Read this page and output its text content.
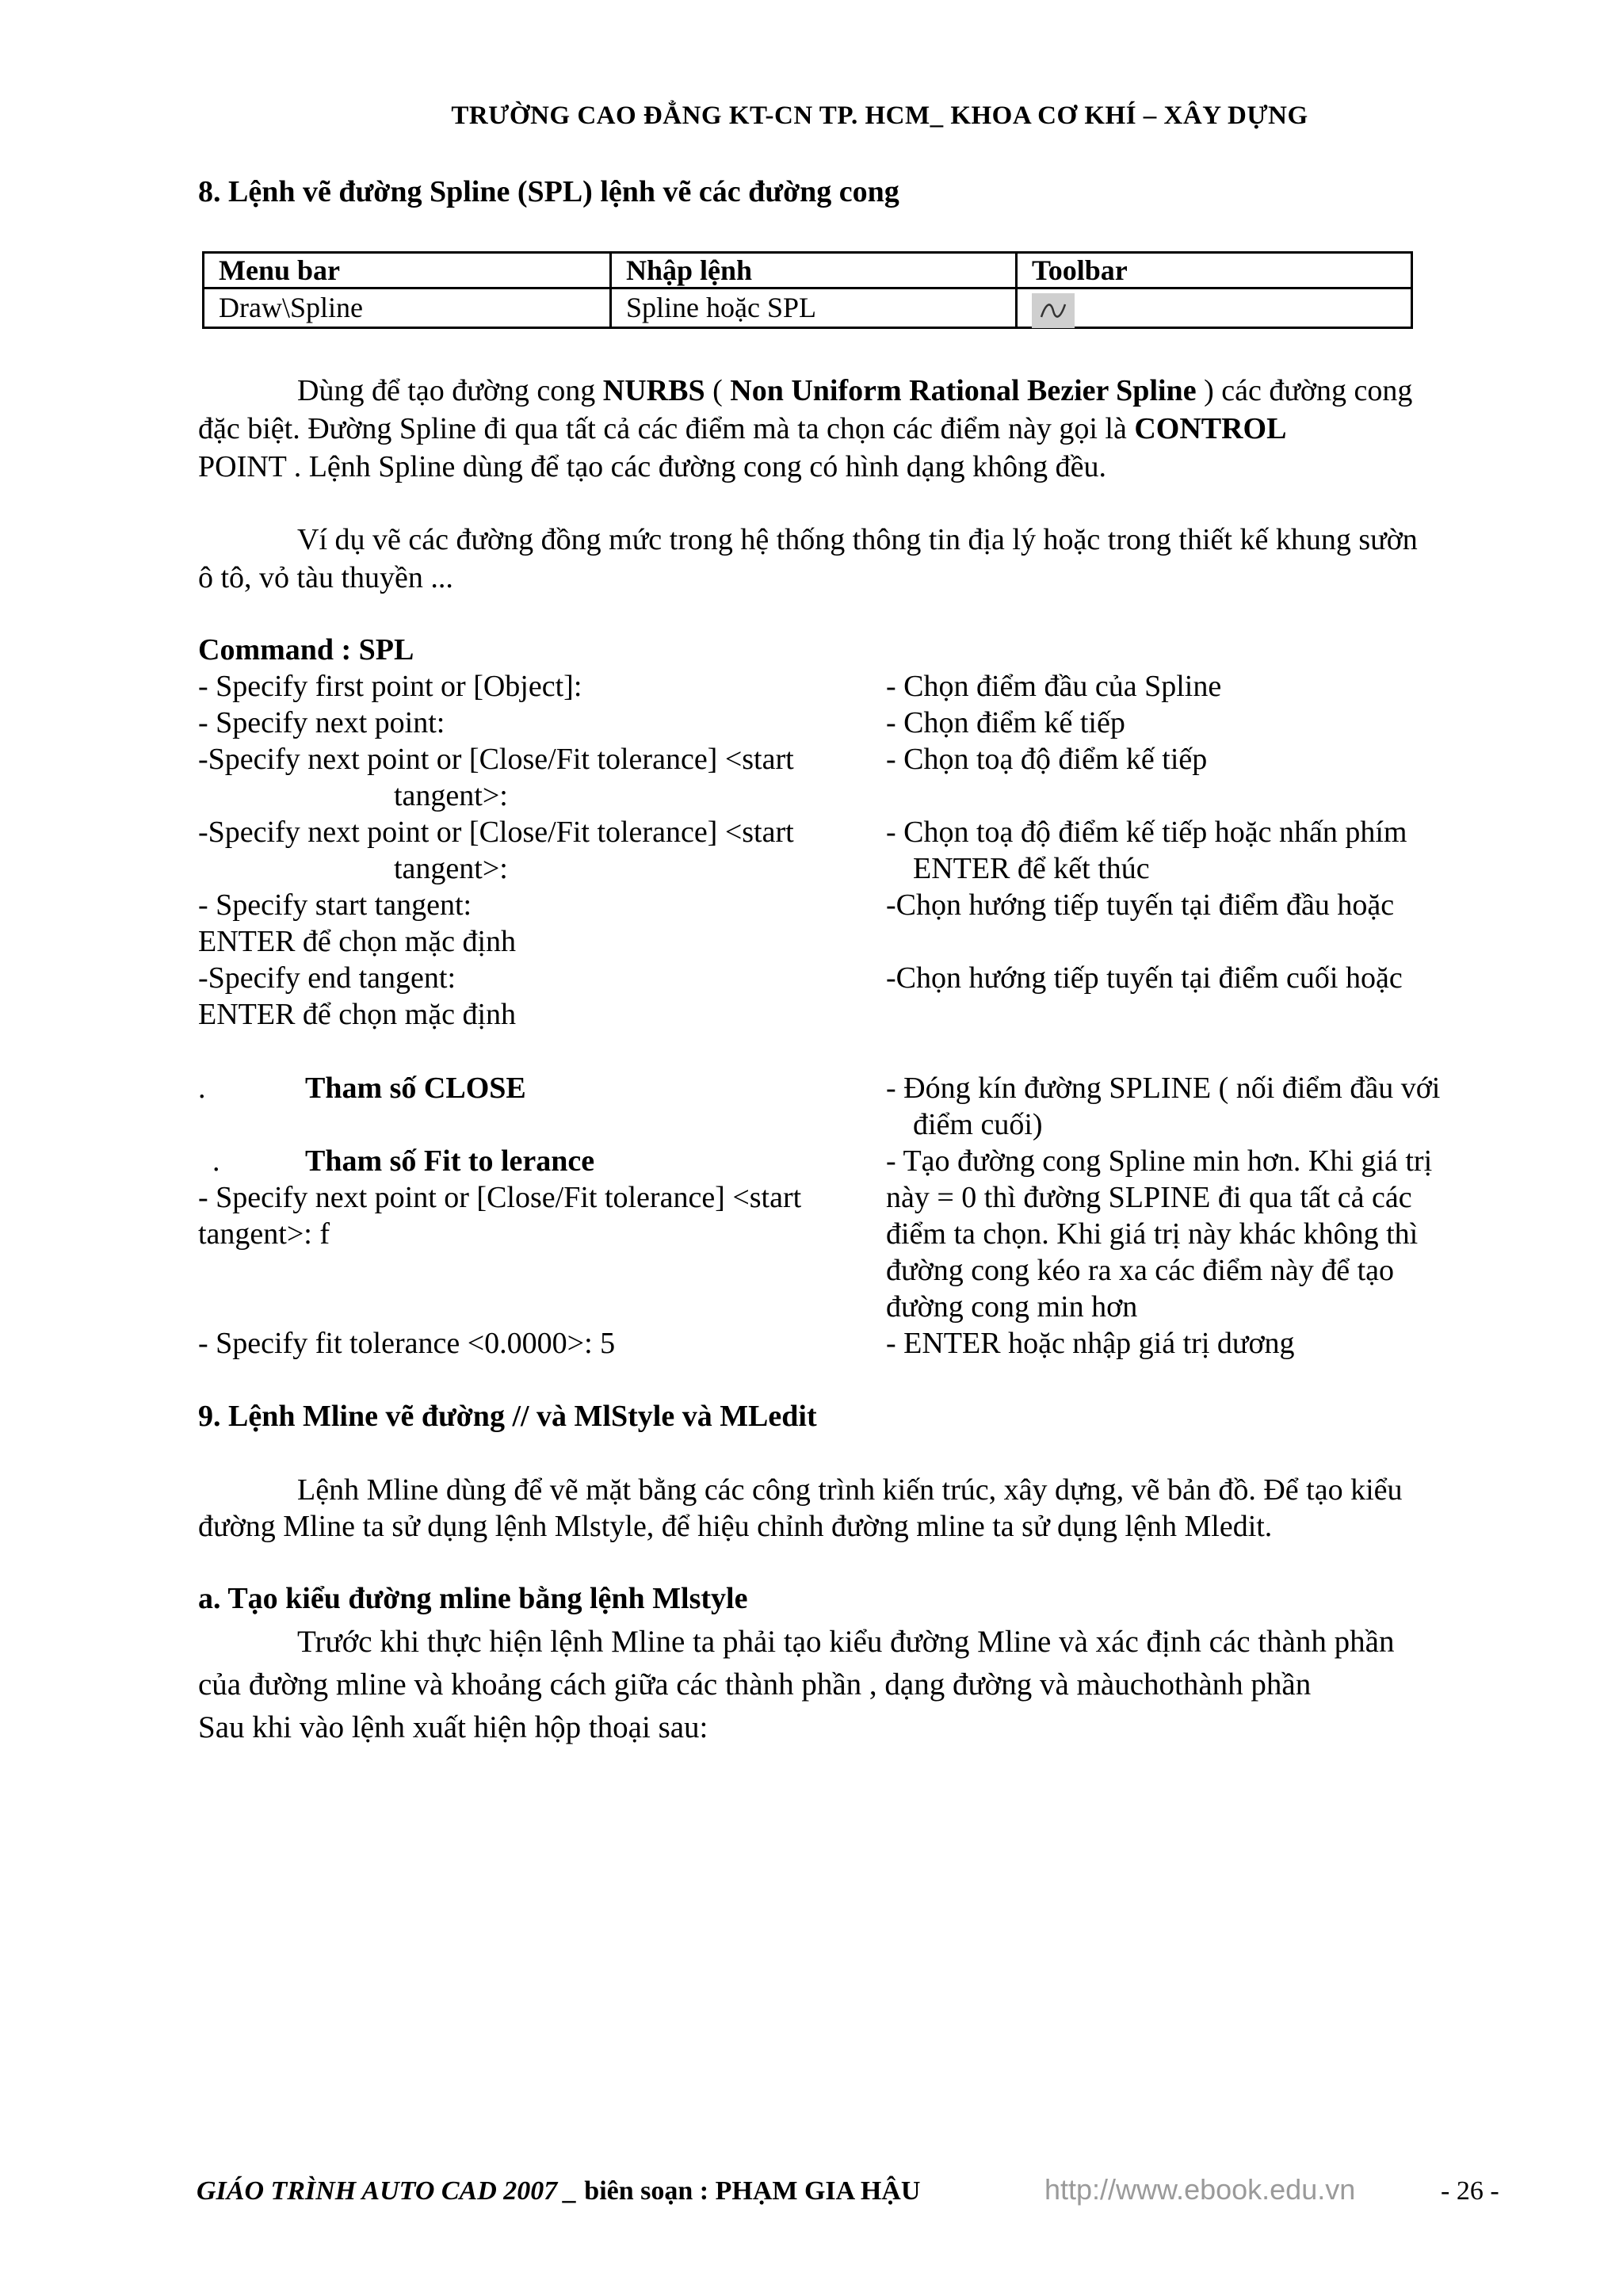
TRƯỜNG CAO ĐẲNG KT-CN TP. HCM_ KHOA CƠ KHÍ – XÂY DỰNG
8. Lệnh vẽ đường Spline (SPL) lệnh vẽ các đường cong
Menu bar	Nhập lệnh	Toolbar
Draw\Spline	Spline hoặc SPL	
Dùng để tạo đường cong NURBS ( Non Uniform Rational Bezier Spline ) các đường cong
đặc biệt. Đường Spline đi qua tất cả các điểm mà ta chọn các điểm này gọi là CONTROL
POINT . Lệnh Spline dùng để tạo các đường cong có hình dạng không đều.
Ví dụ vẽ các đường đồng mức trong hệ thống thông tin địa lý hoặc trong thiết kế khung sườn
ô tô, vỏ tàu thuyền ...
Command : SPL
- Specify first point or [Object]:	- Chọn điểm đầu của Spline
- Specify next point:	- Chọn điểm kế tiếp
-Specify next point or [Close/Fit tolerance] <start	- Chọn toạ độ điểm kế tiếp
tangent>:
-Specify next point or [Close/Fit tolerance] <start	- Chọn toạ độ điểm kế tiếp hoặc nhấn phím
tangent>:	ENTER để kết thúc
- Specify start tangent:	-Chọn hướng tiếp tuyến tại điểm đầu hoặc
ENTER để chọn mặc định
-Specify end tangent:	-Chọn hướng tiếp tuyến tại điểm cuối hoặc
ENTER để chọn mặc định
.	Tham số CLOSE	- Đóng kín đường SPLINE ( nối điểm đầu với
điểm cuối)
.	Tham số Fit to lerance	- Tạo đường cong Spline min hơn. Khi giá trị
- Specify next point or [Close/Fit tolerance] <start	này = 0 thì đường SLPINE đi qua tất cả các
tangent>: f	điểm ta chọn. Khi giá trị này khác không thì
đường cong kéo ra xa các điểm này để tạo
đường cong min hơn
- Specify fit tolerance <0.0000>: 5	- ENTER hoặc nhập giá trị dương
9. Lệnh Mline vẽ đường // và MlStyle và MLedit
Lệnh Mline dùng để vẽ mặt bằng các công trình kiến trúc, xây dựng, vẽ bản đồ. Để tạo kiểu
đường Mline ta sử dụng lệnh Mlstyle, để hiệu chỉnh đường mline ta sử dụng lệnh Mledit.
a. Tạo kiểu đường mline bằng lệnh Mlstyle
Trước khi thực hiện lệnh Mline ta phải tạo kiểu đường Mline và xác định các thành phần
của đường mline và khoảng cách giữa các thành phần , dạng đường và màuchothành phần
Sau khi vào lệnh xuất hiện hộp thoại sau:
GIÁO TRÌNH AUTO CAD 2007 _ biên soạn : PHẠM GIA HẬU	http://www.ebook.edu.vn	- 26 -
